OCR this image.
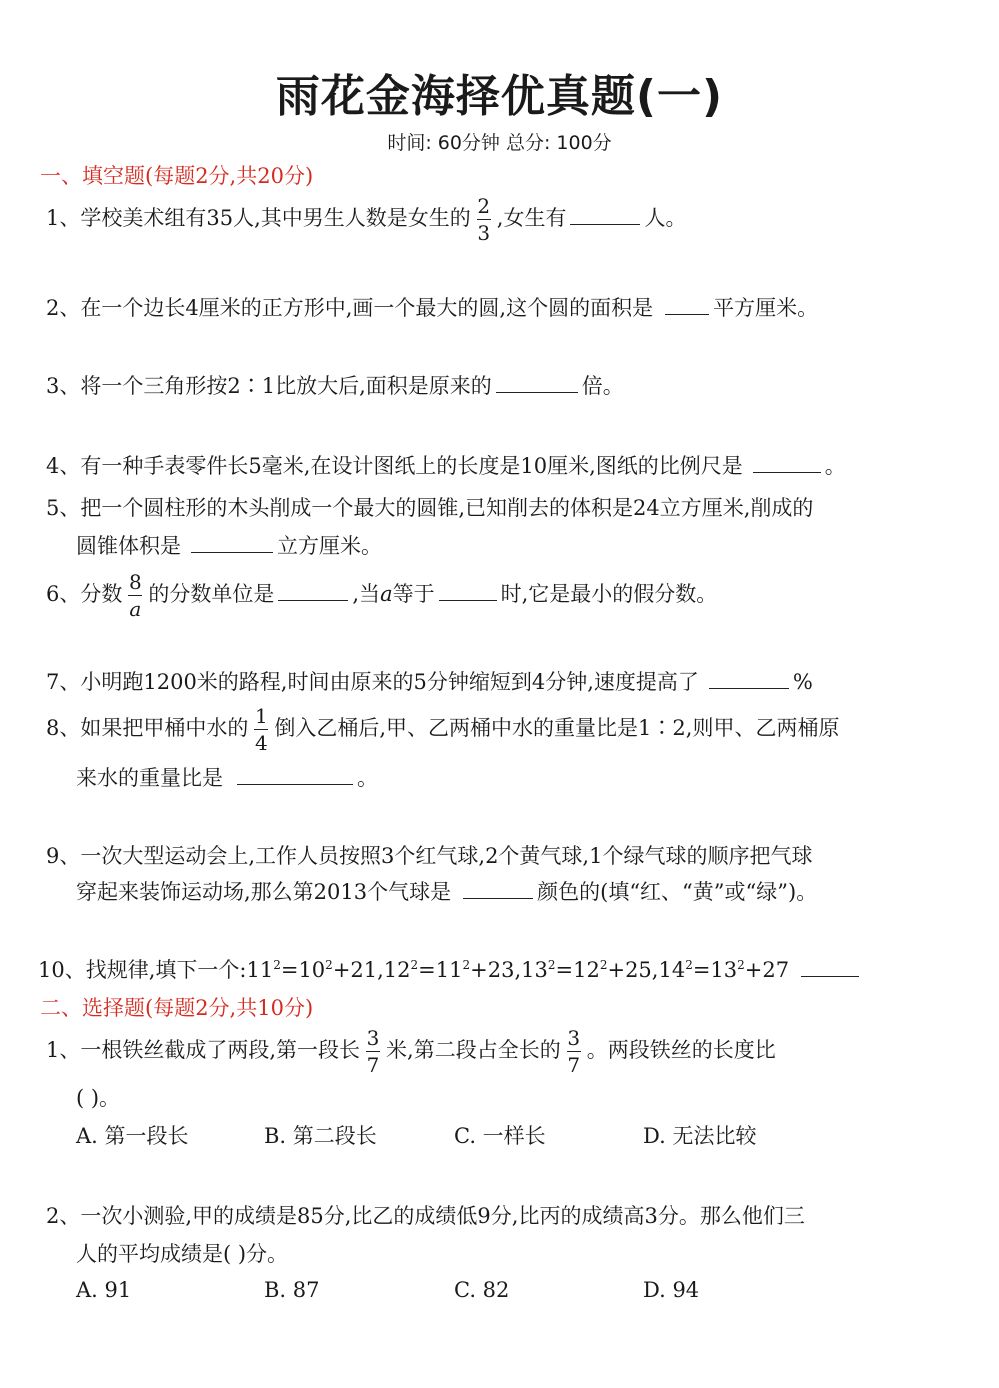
雨花金海择优真题(一)
时间: 60分钟 总分: 100分
一、填空题(每题2分,共20分)
1、学校美术组有35人,其中男生人数是女生的 $\frac{2}{3}$ ,女生有	人。
2、在一个边长4厘米的正方形中,画一个最大的圆,这个圆的面积是	平方厘米。
3、将一个三角形按2∶1比放大后,面积是原来的	倍。
4、有一种手表零件长5毫米,在设计图纸上的长度是10厘米,图纸的比例尺是	。
5、把一个圆柱形的木头削成一个最大的圆锥,已知削去的体积是24立方厘米,削成的
圆锥体积是	立方厘米。
6、分数 $\frac{8}{a}$ 的分数单位是	,当a等于	时,它是最小的假分数。
7、小明跑1200米的路程,时间由原来的5分钟缩短到4分钟,速度提高了	%
8、如果把甲桶中水的 $\frac{1}{4}$ 倒入乙桶后,甲、乙两桶中水的重量比是1∶2,则甲、乙两桶原
来水的重量比是	。
9、一次大型运动会上,工作人员按照3个红气球,2个黄气球,1个绿气球的顺序把气球
穿起来装饰运动场,那么第2013个气球是	颜色的(填“红、“黄”或“绿”)。
10、找规律,填下一个$:11^2=10^2+21,12^2=11^2+23,13^2=12^2+25,14^2=13^2+27$
二、选择题(每题2分,共10分)
1、一根铁丝截成了两段,第一段长 $\frac{3}{7}$ 米,第二段占全长的 $\frac{3}{7}$ 。两段铁丝的长度比
( )。
A. 第一段长	B. 第二段长	C. 一样长	D. 无法比较
2、一次小测验,甲的成绩是85分,比乙的成绩低9分,比丙的成绩高3分。那么他们三
人的平均成绩是( )分。
A. 91	B. 87	C. 82	D. 94
